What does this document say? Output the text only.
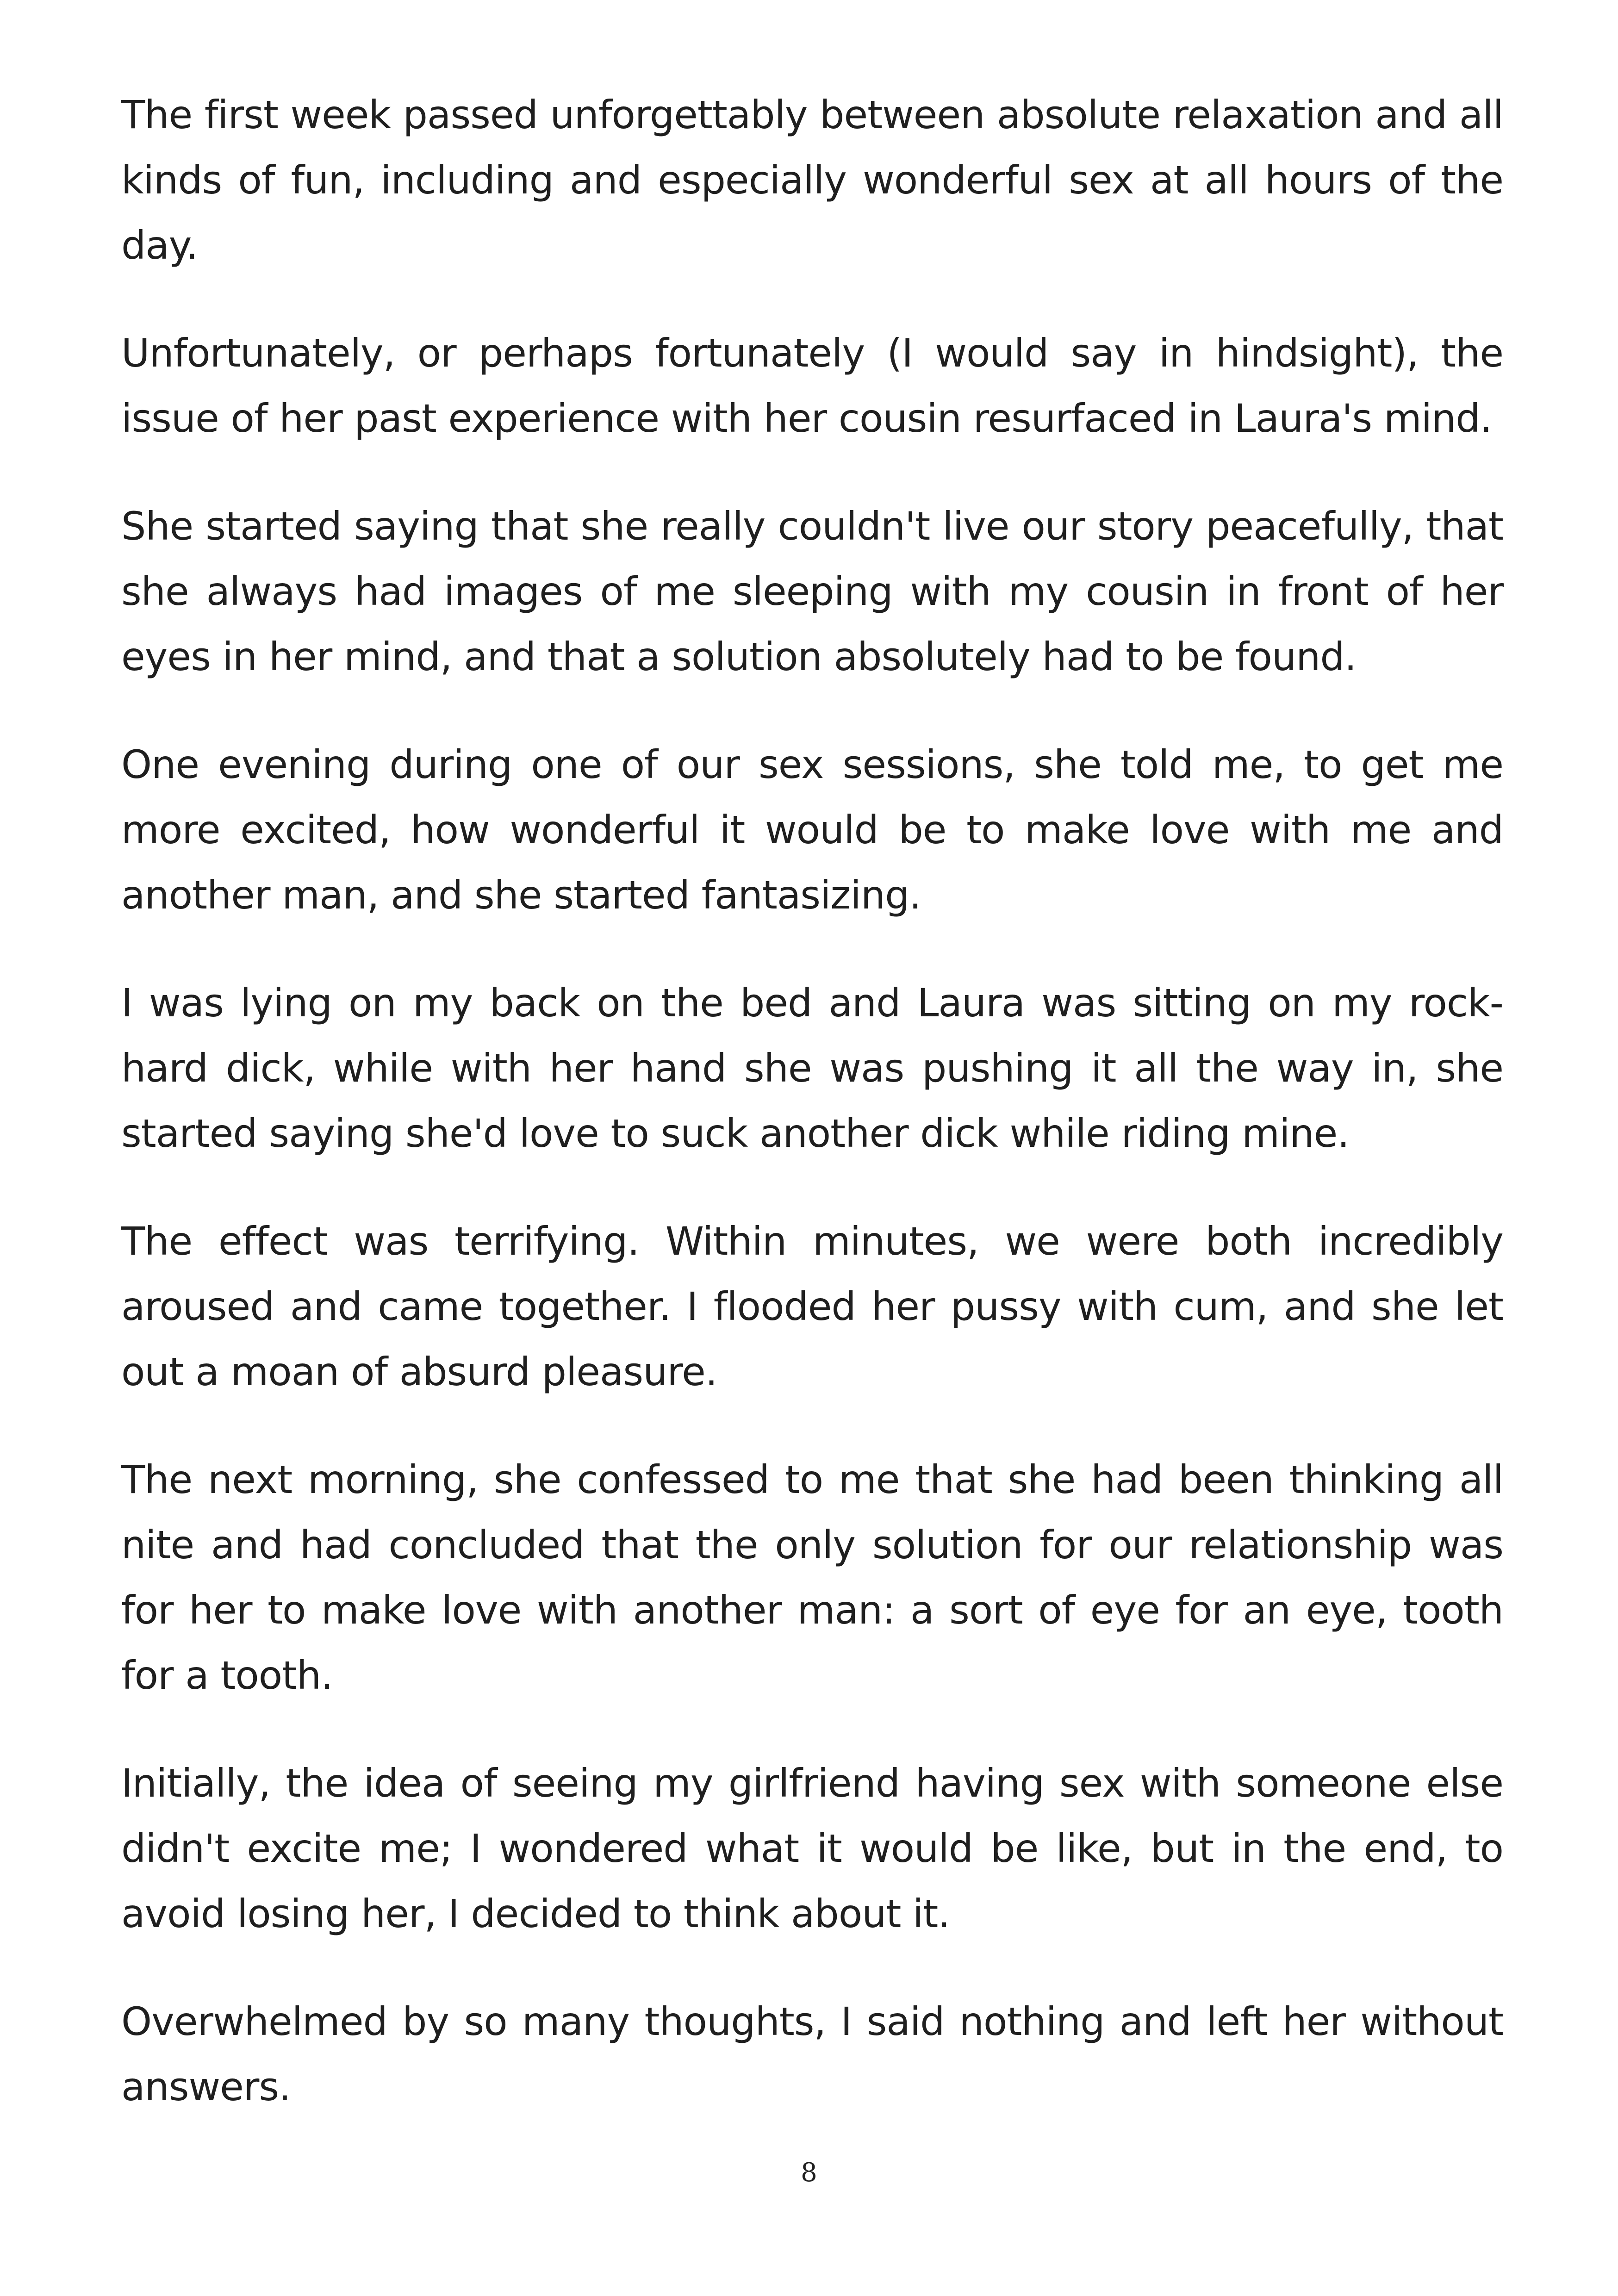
The first week passed unforgettably between absolute relaxation and all kinds of fun, including and especially wonderful sex at all hours of the day.

Unfortunately, or perhaps fortunately (I would say in hindsight), the issue of her past experience with her cousin resurfaced in Laura's mind.

She started saying that she really couldn't live our story peacefully, that she always had images of me sleeping with my cousin in front of her eyes in her mind, and that a solution absolutely had to be found.

One evening during one of our sex sessions, she told me, to get me more excited, how wonderful it would be to make love with me and another man, and she started fantasizing.

I was lying on my back on the bed and Laura was sitting on my rock-hard dick, while with her hand she was pushing it all the way in, she started saying she'd love to suck another dick while riding mine.

The effect was terrifying. Within minutes, we were both incredibly aroused and came together. I flooded her pussy with cum, and she let out a moan of absurd pleasure.

The next morning, she confessed to me that she had been thinking all nite and had concluded that the only solution for our relationship was for her to make love with another man: a sort of eye for an eye, tooth for a tooth.

Initially, the idea of seeing my girlfriend having sex with someone else didn't excite me; I wondered what it would be like, but in the end, to avoid losing her, I decided to think about it.

Overwhelmed by so many thoughts, I said nothing and left her without answers.

8
